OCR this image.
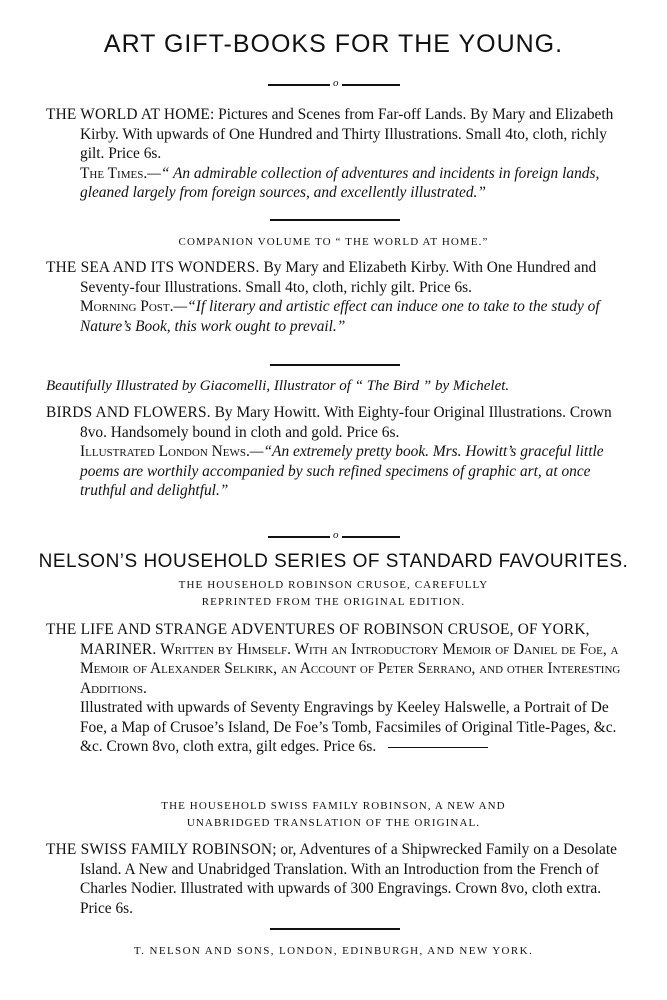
ART GIFT-BOOKS FOR THE YOUNG.
o

THE WORLD AT HOME: Pictures and Scenes from Far-off Lands. By Mary and Elizabeth Kirby. With upwards of One Hundred and Thirty Illustrations. Small 4to, cloth, richly gilt. Price 6s.

The Times.—“ An admirable collection of adventures and incidents in foreign lands, gleaned largely from foreign sources, and excellently illustrated.”

COMPANION VOLUME TO “ THE WORLD AT HOME.”

THE SEA AND ITS WONDERS. By Mary and Elizabeth Kirby. With One Hundred and Seventy-four Illustrations. Small 4to, cloth, richly gilt. Price 6s.

Morning Post.—“If literary and artistic effect can induce one to take to the study of Nature’s Book, this work ought to prevail.”

Beautifully Illustrated by Giacomelli, Illustrator of “ The Bird ” by Michelet.

BIRDS AND FLOWERS. By Mary Howitt. With Eighty-four Original Illustrations. Crown 8vo. Handsomely bound in cloth and gold. Price 6s.

Illustrated London News.—“An extremely pretty book. Mrs. Howitt’s graceful little poems are worthily accompanied by such refined specimens of graphic art, at once truthful and delightful.”

o
NELSON’S HOUSEHOLD SERIES OF STANDARD FAVOURITES.
THE HOUSEHOLD ROBINSON CRUSOE, CAREFULLY REPRINTED FROM THE ORIGINAL EDITION.

THE LIFE AND STRANGE ADVENTURES OF ROBINSON CRUSOE, OF YORK, MARINER. Written by Himself. With an Introductory Memoir of Daniel de Foe, a Memoir of Alexander Selkirk, an Account of Peter Serrano, and other Interesting Additions.

Illustrated with upwards of Seventy Engravings by Keeley Halswelle, a Portrait of De Foe, a Map of Crusoe’s Island, De Foe’s Tomb, Facsimiles of Original Title-Pages, &c. &c. Crown 8vo, cloth extra, gilt edges. Price 6s.

THE HOUSEHOLD SWISS FAMILY ROBINSON, A NEW AND UNABRIDGED TRANSLATION OF THE ORIGINAL.

THE SWISS FAMILY ROBINSON; or, Adventures of a Shipwrecked Family on a Desolate Island. A New and Unabridged Translation. With an Introduction from the French of Charles Nodier. Illustrated with upwards of 300 Engravings. Crown 8vo, cloth extra. Price 6s.

T. NELSON AND SONS, LONDON, EDINBURGH, AND NEW YORK.
